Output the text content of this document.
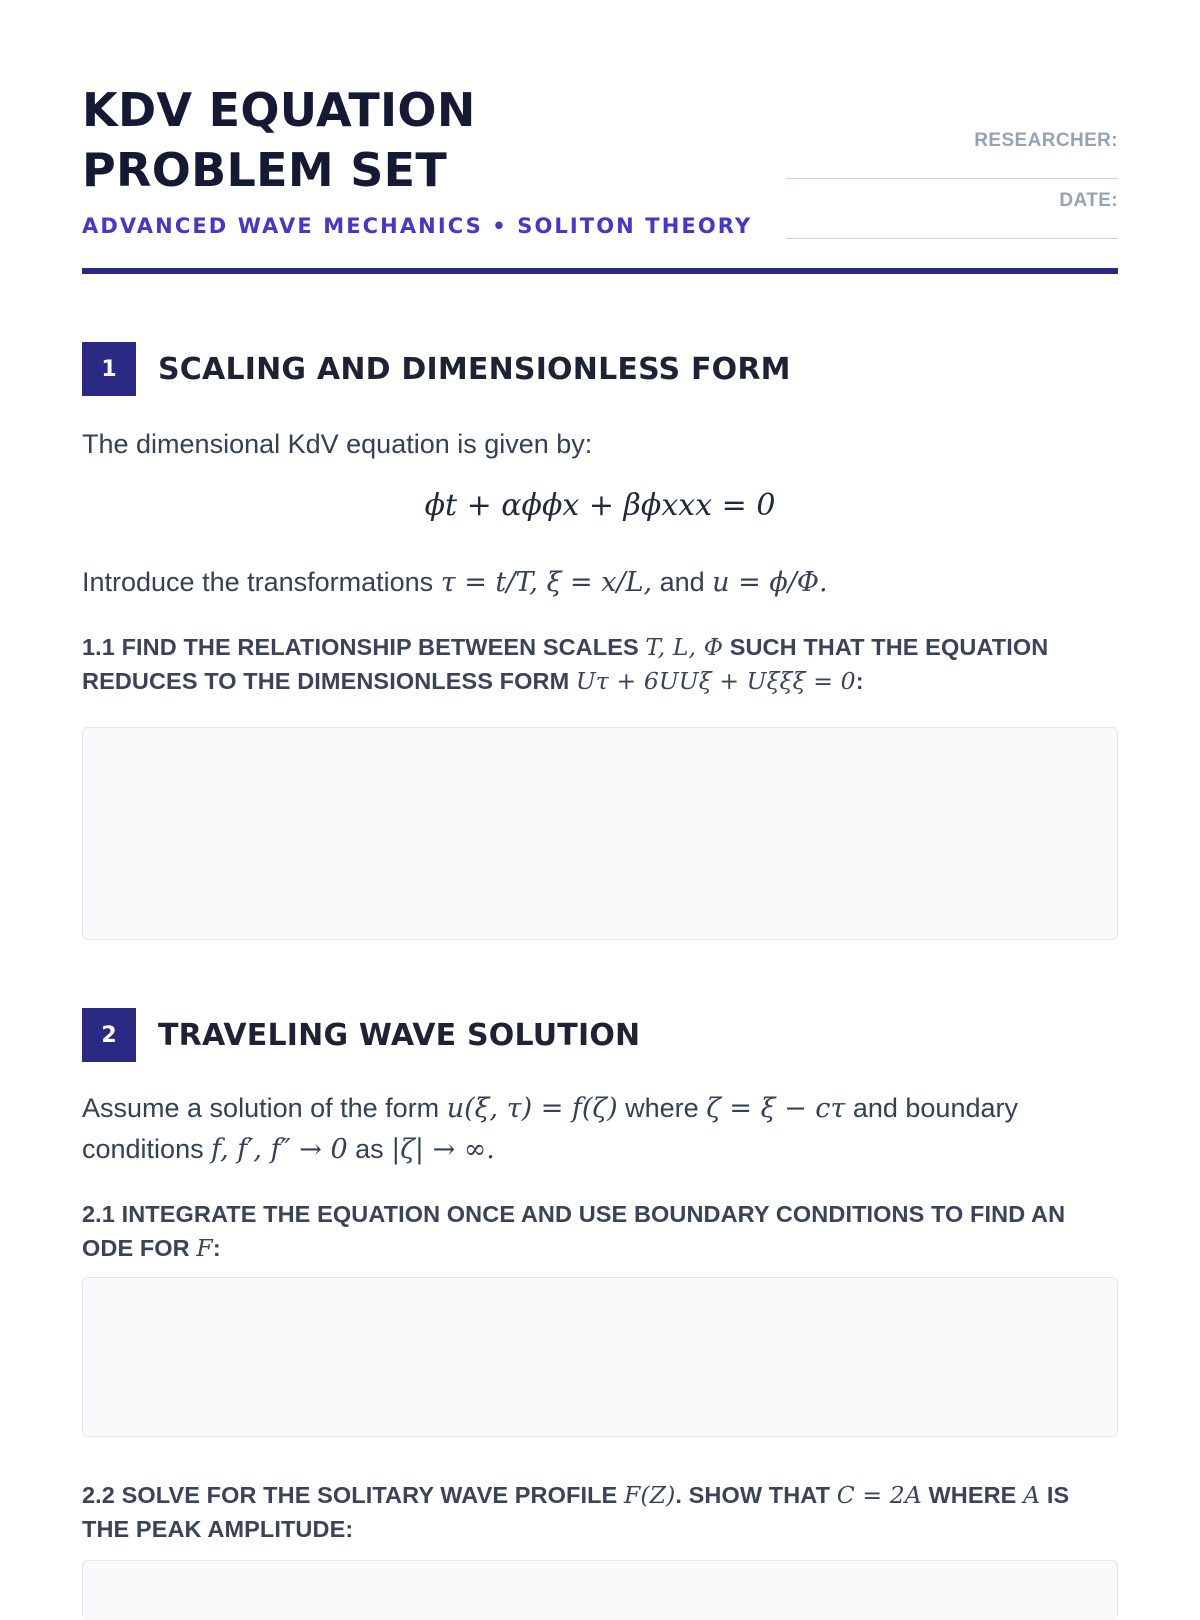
KDV EQUATION
PROBLEM SET
ADVANCED WAVE MECHANICS • SOLITON THEORY
RESEARCHER:
DATE:
1	SCALING AND DIMENSIONLESS FORM

The dimensional KdV equation is given by:

ϕt + αϕϕx + βϕxxx = 0

Introduce the transformations τ = t/T, ξ = x/L, and u = ϕ/Φ.

1.1 FIND THE RELATIONSHIP BETWEEN SCALES T, L, Φ SUCH THAT THE EQUATION REDUCES TO THE DIMENSIONLESS FORM Uτ + 6UUξ + Uξξξ = 0:

2	TRAVELING WAVE SOLUTION

Assume a solution of the form u(ξ, τ) = f(ζ) where ζ = ξ − cτ and boundary conditions f, f′, f″ → 0 as |ζ| → ∞.

2.1 INTEGRATE THE EQUATION ONCE AND USE BOUNDARY CONDITIONS TO FIND AN ODE FOR F:

2.2 SOLVE FOR THE SOLITARY WAVE PROFILE F(Z). SHOW THAT C = 2A WHERE A IS THE PEAK AMPLITUDE:
